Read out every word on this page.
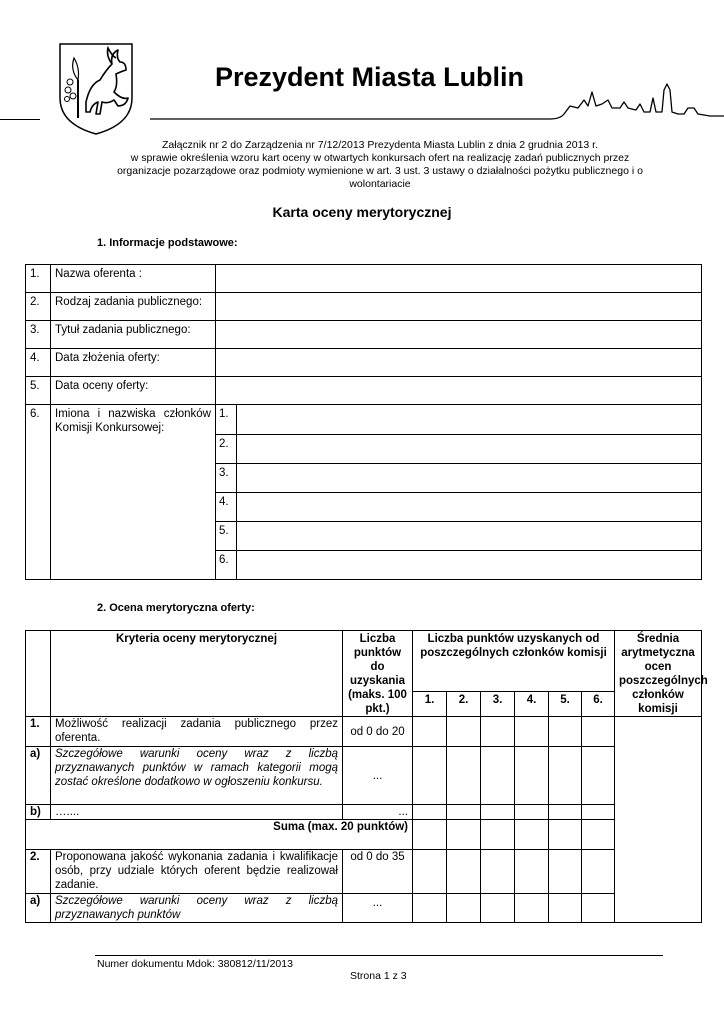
Prezydent Miasta Lublin
Załącznik nr 2 do Zarządzenia nr 7/12/2013 Prezydenta Miasta Lublin z dnia 2 grudnia 2013 r.
w sprawie określenia wzoru kart oceny w otwartych konkursach ofert na realizację zadań publicznych przez
organizacje pozarządowe oraz podmioty wymienione w art. 3 ust. 3 ustawy o działalności pożytku publicznego i o
wolontariacie
Karta oceny merytorycznej
1. Informacje podstawowe:
1.	Nazwa oferenta :		
2.	Rodzaj zadania publicznego:		
3.	Tytuł zadania publicznego:		
4.	Data złożenia oferty:		
5.	Data oceny oferty:		
6.	Imiona i nazwiska członków Komisji Konkursowej:	1.	
		2.	
		3.	
		4.	
		5.	
		6.	
2. Ocena merytoryczna oferty:
	Kryteria oceny merytorycznej	Liczba punktów do uzyskania (maks. 100 pkt.)	Liczba punktów uzyskanych od poszczególnych członków komisji						Średnia arytmetyczna ocen poszczególnych członków komisji
			1.	2.	3.	4.	5.	6.	
1.	Możliwość realizacji zadania publicznego przez oferenta.	od 0 do 20							
a)	Szczegółowe warunki oceny wraz z liczbą przyznawanych punktów w ramach kategorii mogą zostać określone dodatkowo w ogłoszeniu konkursu.	...							
b)	…....	...							
Suma (max. 20 punktów)									
2.	Proponowana jakość wykonania zadania i kwalifikacje osób, przy udziale których oferent będzie realizował zadanie.	od 0 do 35							
a)	Szczegółowe warunki oceny wraz z liczbą przyznawanych punktów	...							
Numer dokumentu Mdok: 380812/11/2013
Strona 1 z 3
